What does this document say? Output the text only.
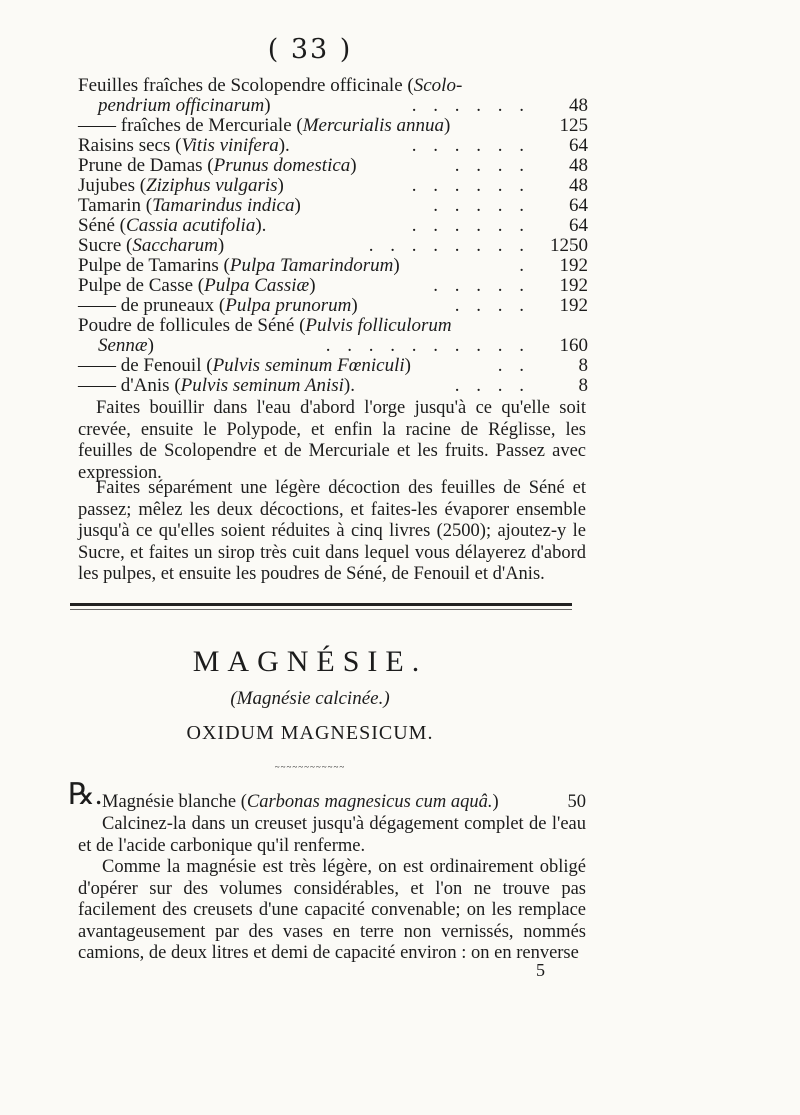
( 33 )
Feuilles fraîches de Scolopendre officinale (Scolo-
pendrium officinarum)	. . . . . .	48
—— fraîches de Mercuriale (Mercurialis annua)	125
Raisins secs (Vitis vinifera).	. . . . . .	64
Prune de Damas (Prunus domestica)	. . . .	48
Jujubes (Ziziphus vulgaris)	. . . . . .	48
Tamarin (Tamarindus indica)	. . . . .	64
Séné (Cassia acutifolia).	. . . . . .	64
Sucre (Saccharum)	. . . . . . . . 1250
Pulpe de Tamarins (Pulpa Tamarindorum)	.	192
Pulpe de Casse (Pulpa Cassiæ)	. . . . .	192
—— de pruneaux (Pulpa prunorum)	. . . .	192
Poudre de follicules de Séné (Pulvis folliculorum
Sennæ)	. . . . . . . . . .	160
—— de Fenouil (Pulvis seminum Fœniculi)	. .	8
—— d'Anis (Pulvis seminum Anisi).	. . . .	8

Faites bouillir dans l'eau d'abord l'orge jusqu'à ce qu'elle soit crevée, ensuite le Polypode, et enfin la racine de Réglisse, les feuilles de Scolopendre et de Mercuriale et les fruits. Passez avec expression.

Faites séparément une légère décoction des feuilles de Séné et passez; mêlez les deux décoctions, et faites-les évaporer ensemble jusqu'à ce qu'elles soient réduites à cinq livres (2500); ajoutez-y le Sucre, et faites un sirop très cuit dans lequel vous délayerez d'abord les pulpes, et ensuite les poudres de Séné, de Fenouil et d'Anis.

MAGNÉSIE.
(Magnésie calcinée.)
OXIDUM MAGNESICUM.
~~~~~~~~~~~~
℞. Magnésie blanche (Carbonas magnesicus cum aquâ.)	50

Calcinez-la dans un creuset jusqu'à dégagement complet de l'eau et de l'acide carbonique qu'il renferme.

Comme la magnésie est très légère, on est ordinairement obligé d'opérer sur des volumes considérables, et l'on ne trouve pas facilement des creusets d'une capacité convenable; on les remplace avantageusement par des vases en terre non vernissés, nommés camions, de deux litres et demi de capacité environ : on en renverse

5
